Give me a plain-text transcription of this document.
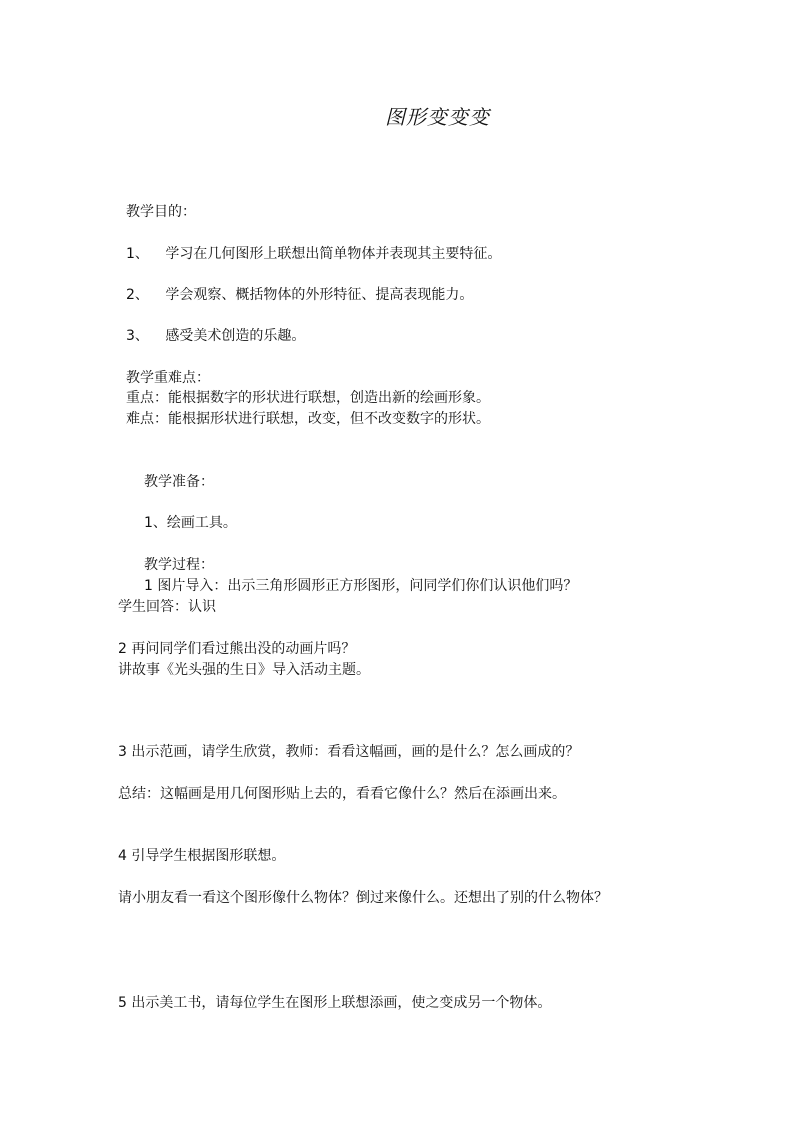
图形变变变
教学目的：
1、 学习在几何图形上联想出简单物体并表现其主要特征。
2、 学会观察、概括物体的外形特征、提高表现能力。
3、 感受美术创造的乐趣。
教学重难点：
重点：能根据数字的形状进行联想，创造出新的绘画形象。
难点：能根据形状进行联想，改变，但不改变数字的形状。
教学准备：
1、绘画工具。
教学过程：
1 图片导入：出示三角形圆形正方形图形，问同学们你们认识他们吗？
学生回答：认识
2 再问同学们看过熊出没的动画片吗？
讲故事《光头强的生日》导入活动主题。
3 出示范画，请学生欣赏，教师：看看这幅画，画的是什么？怎么画成的？
总结：这幅画是用几何图形贴上去的，看看它像什么？然后在添画出来。
4 引导学生根据图形联想。
请小朋友看一看这个图形像什么物体？倒过来像什么。还想出了别的什么物体？
5 出示美工书，请每位学生在图形上联想添画，使之变成另一个物体。
